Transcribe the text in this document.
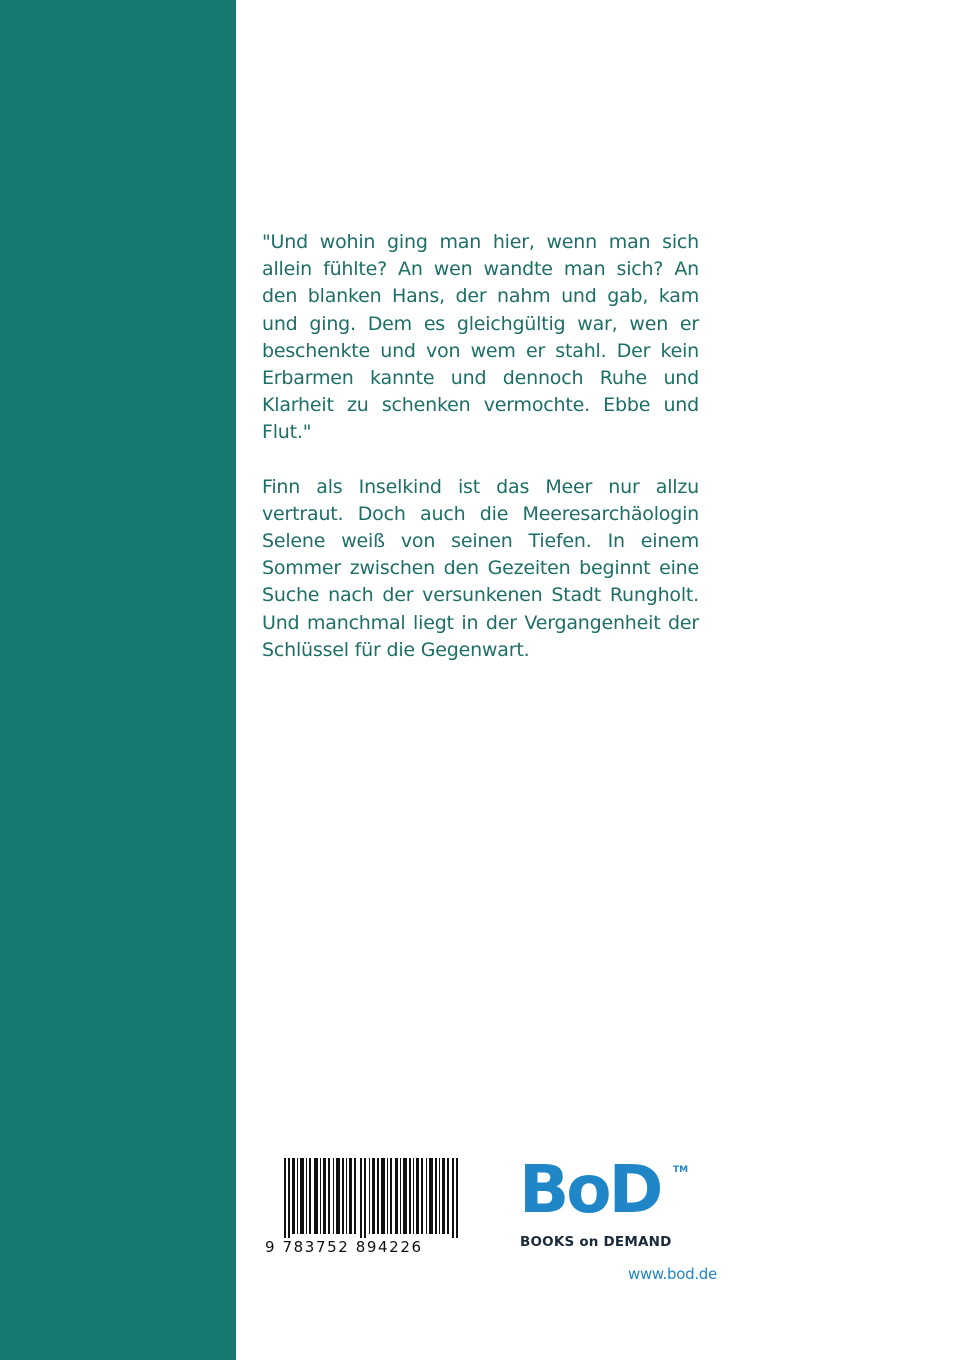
"Und wohin ging man hier, wenn man sich allein fühlte? An wen wandte man sich? An den blanken Hans, der nahm und gab, kam und ging. Dem es gleichgültig war, wen er beschenkte und von wem er stahl. Der kein Erbarmen kannte und dennoch Ruhe und Klarheit zu schenken vermochte. Ebbe und Flut."

Finn als Inselkind ist das Meer nur allzu vertraut. Doch auch die Meeresarchäologin Selene weiß von seinen Tiefen. In einem Sommer zwischen den Gezeiten beginnt eine Suche nach der versunkenen Stadt Rungholt. Und manchmal liegt in der Vergangenheit der Schlüssel für die Gegenwart.

9 783752 894226
BoD TM
BOOKS on DEMAND
www.bod.de
